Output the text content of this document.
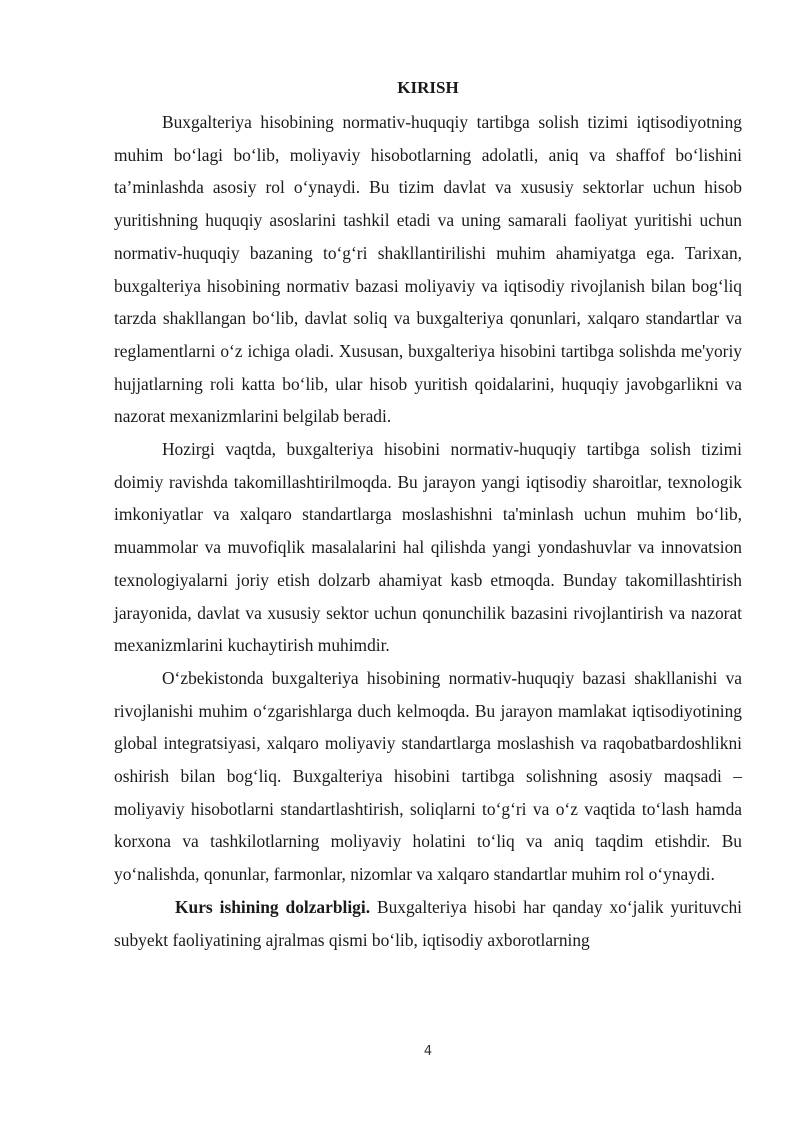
KIRISH

Buxgalteriya hisobining normativ-huquqiy tartibga solish tizimi iqtisodiyotning muhim bo‘lagi bo‘lib, moliyaviy hisobotlarning adolatli, aniq va shaffof bo‘lishini ta’minlashda asosiy rol o‘ynaydi. Bu tizim davlat va xususiy sektorlar uchun hisob yuritishning huquqiy asoslarini tashkil etadi va uning samarali faoliyat yuritishi uchun normativ-huquqiy bazaning to‘g‘ri shakllantirilishi muhim ahamiyatga ega. Tarixan, buxgalteriya hisobining normativ bazasi moliyaviy va iqtisodiy rivojlanish bilan bog‘liq tarzda shakllangan bo‘lib, davlat soliq va buxgalteriya qonunlari, xalqaro standartlar va reglamentlarni o‘z ichiga oladi. Xususan, buxgalteriya hisobini tartibga solishda me'yoriy hujjatlarning roli katta bo‘lib, ular hisob yuritish qoidalarini, huquqiy javobgarlikni va nazorat mexanizmlarini belgilab beradi.

Hozirgi vaqtda, buxgalteriya hisobini normativ-huquqiy tartibga solish tizimi doimiy ravishda takomillashtirilmoqda. Bu jarayon yangi iqtisodiy sharoitlar, texnologik imkoniyatlar va xalqaro standartlarga moslashishni ta'minlash uchun muhim bo‘lib, muammolar va muvofiqlik masalalarini hal qilishda yangi yondashuvlar va innovatsion texnologiyalarni joriy etish dolzarb ahamiyat kasb etmoqda. Bunday takomillashtirish jarayonida, davlat va xususiy sektor uchun qonunchilik bazasini rivojlantirish va nazorat mexanizmlarini kuchaytirish muhimdir.

O‘zbekistonda buxgalteriya hisobining normativ-huquqiy bazasi shakllanishi va rivojlanishi muhim o‘zgarishlarga duch kelmoqda. Bu jarayon mamlakat iqtisodiyotining global integratsiyasi, xalqaro moliyaviy standartlarga moslashish va raqobatbardoshlikni oshirish bilan bog‘liq. Buxgalteriya hisobini tartibga solishning asosiy maqsadi – moliyaviy hisobotlarni standartlashtirish, soliqlarni to‘g‘ri va o‘z vaqtida to‘lash hamda korxona va tashkilotlarning moliyaviy holatini to‘liq va aniq taqdim etishdir. Bu yo‘nalishda, qonunlar, farmonlar, nizomlar va xalqaro standartlar muhim rol o‘ynaydi.

Kurs ishining dolzarbligi. Buxgalteriya hisobi har qanday xo‘jalik yurituvchi subyekt faoliyatining ajralmas qismi bo‘lib, iqtisodiy axborotlarning

4
